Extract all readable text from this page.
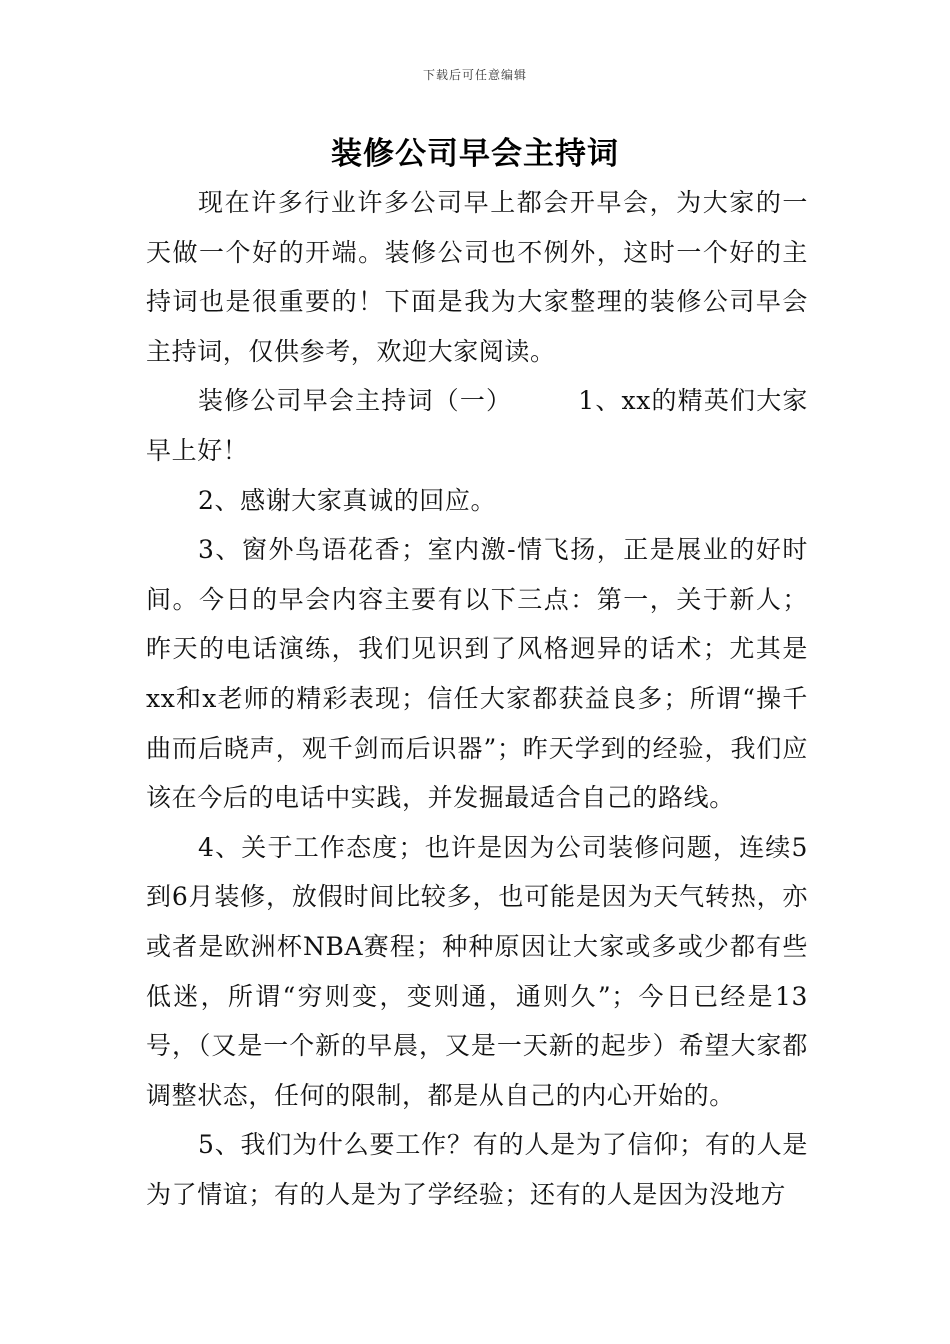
下载后可任意编辑
装修公司早会主持词

现在许多行业许多公司早上都会开早会，为大家的一天做一个好的开端。装修公司也不例外，这时一个好的主持词也是很重要的！下面是我为大家整理的装修公司早会主持词，仅供参考，欢迎大家阅读。

装修公司早会主持词（一）　　　1、xx的精英们大家早上好！

2、感谢大家真诚的回应。

3、窗外鸟语花香；室内激-情飞扬，正是展业的好时间。今日的早会内容主要有以下三点：第一，关于新人；昨天的电话演练，我们见识到了风格迥异的话术；尤其是xx和x老师的精彩表现；信任大家都获益良多；所谓“操千曲而后晓声，观千剑而后识器”；昨天学到的经验，我们应该在今后的电话中实践，并发掘最适合自己的路线。

4、关于工作态度；也许是因为公司装修问题，连续5到6月装修，放假时间比较多，也可能是因为天气转热，亦或者是欧洲杯NBA赛程；种种原因让大家或多或少都有些低迷，所谓“穷则变，变则通，通则久”；今日已经是13号，（又是一个新的早晨，又是一天新的起步）希望大家都调整状态，任何的限制，都是从自己的内心开始的。

5、我们为什么要工作？有的人是为了信仰；有的人是为了情谊；有的人是为了学经验；还有的人是因为没地方
